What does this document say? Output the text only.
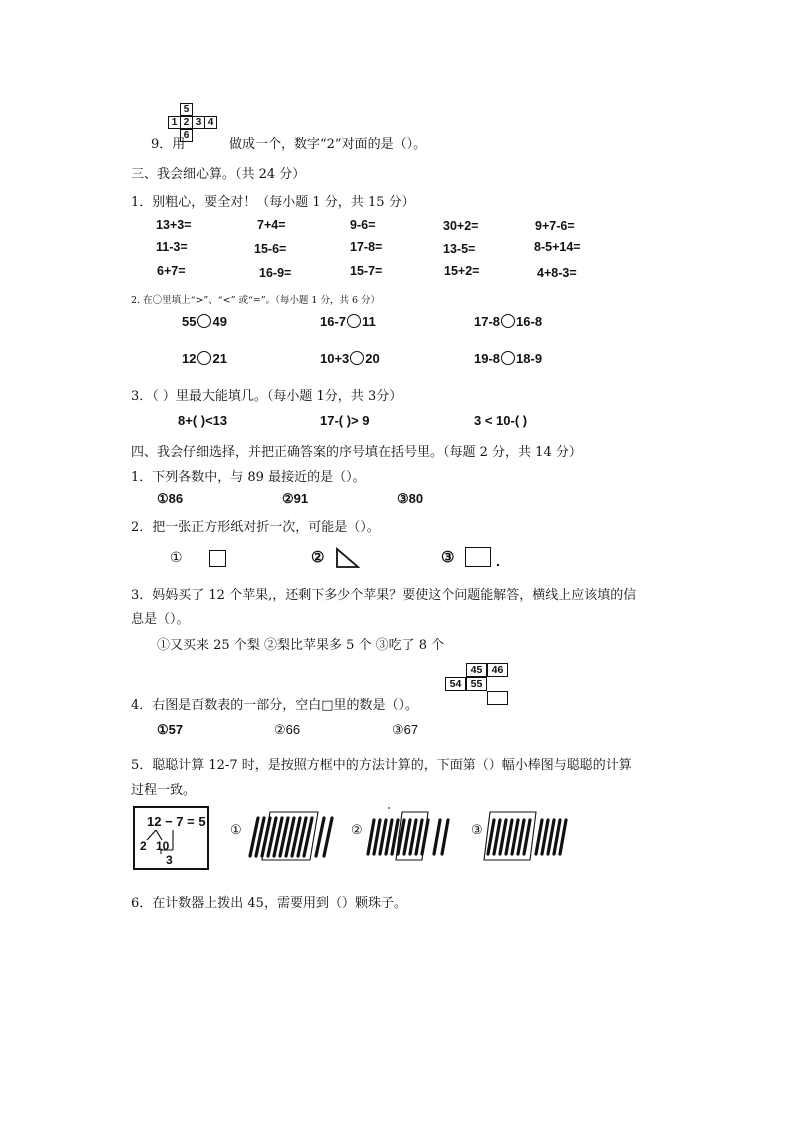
9．用
5
1 2 3 4
6
做成一个，数字“2”对面的是（）。
三、我会细心算。（共 24 分）
1．别粗心，要全对！（每小题 1 分，共 15 分）
13+3=	7+4=	9-6=	30+2=	9+7-6=
11-3=	15-6=	17-8=	13-5=	8-5+14=
6+7=	16-9=	15-7=	15+2=	4+8-3=
2. 在〇里填上“>”、“<” 或“=”。（每小题 1 分，共 6 分）
55 49	16-7 11	17-8 16-8
12 21	10+3 20	19-8 18-9
3．（ ）里最大能填几。（每小题 1分，共 3分）
8+( )<13	17-( )> 9	3 < 10-( )
四、我会仔细选择，并把正确答案的序号填在括号里。（每题 2 分，共 14 分）
1．下列各数中，与 89 最接近的是（）。
①86	②91	③80
2．把一张正方形纸对折一次，可能是（）。
①	②	③
3．妈妈买了 12 个苹果,，还剩下多少个苹果？要使这个问题能解答，横线上应该填的信
息是（）。
①又买来 25 个梨 ②梨比苹果多 5 个 ③吃了 8 个
45 46
54 55
4．右图是百数表的一部分，空白□里的数是（）。
①57	②66	③67
5．聪聪计算 12-7 时，是按照方框中的方法计算的，下面第（）幅小棒图与聪聪的计算
过程一致。
12 − 7 = 5
2 10
3
①	②	③
6．在计数器上拨出 45，需要用到（）颗珠子。
